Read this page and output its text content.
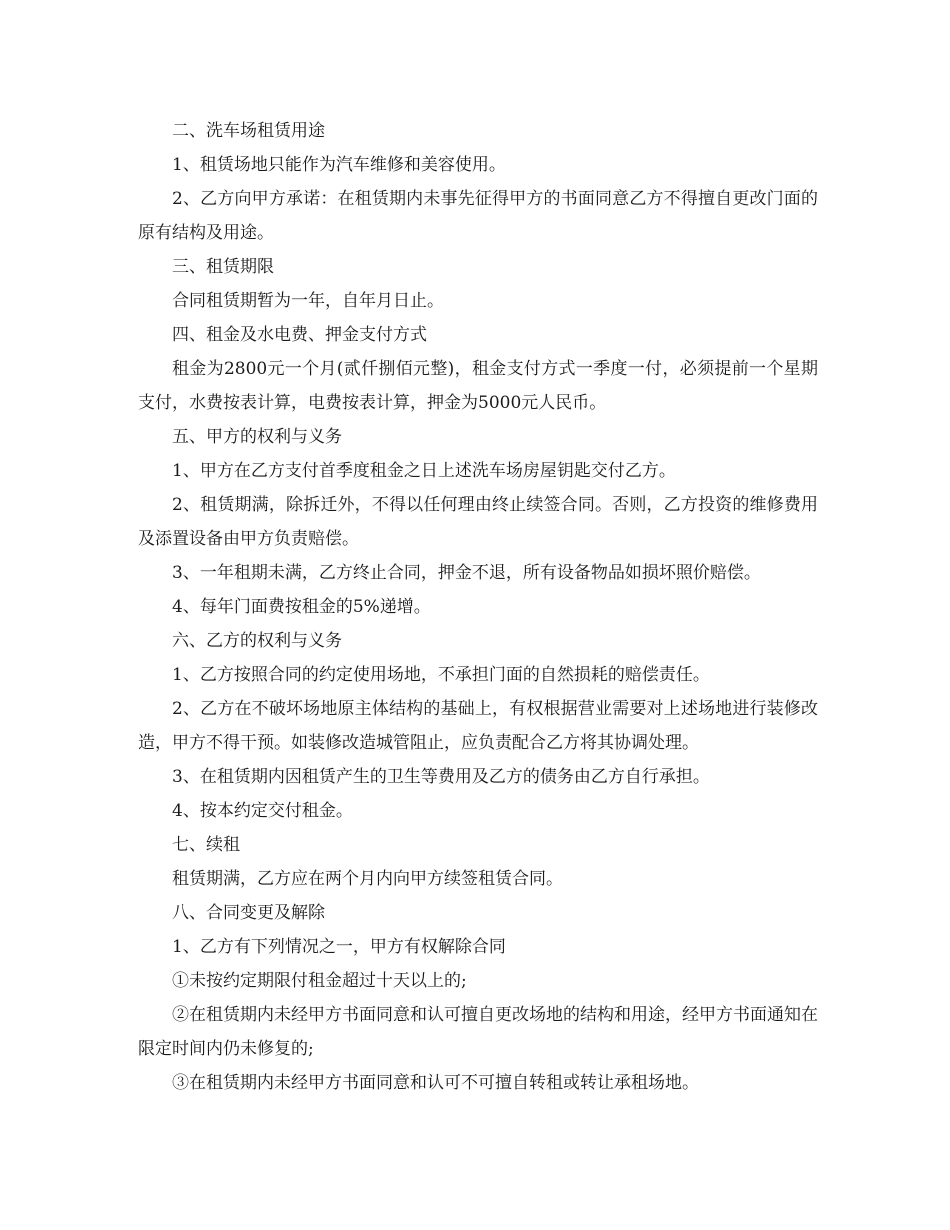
二、洗车场租赁用途

1、租赁场地只能作为汽车维修和美容使用。

2、乙方向甲方承诺：在租赁期内未事先征得甲方的书面同意乙方不得擅自更改门面的原有结构及用途。

三、租赁期限

合同租赁期暂为一年，自年月日止。

四、租金及水电费、押金支付方式

租金为2800元一个月(贰仟捌佰元整)，租金支付方式一季度一付，必须提前一个星期支付，水费按表计算，电费按表计算，押金为5000元人民币。

五、甲方的权利与义务

1、甲方在乙方支付首季度租金之日上述洗车场房屋钥匙交付乙方。

2、租赁期满，除拆迁外，不得以任何理由终止续签合同。否则，乙方投资的维修费用及添置设备由甲方负责赔偿。

3、一年租期未满，乙方终止合同，押金不退，所有设备物品如损坏照价赔偿。

4、每年门面费按租金的5%递增。

六、乙方的权利与义务

1、乙方按照合同的约定使用场地，不承担门面的自然损耗的赔偿责任。

2、乙方在不破坏场地原主体结构的基础上，有权根据营业需要对上述场地进行装修改造，甲方不得干预。如装修改造城管阻止，应负责配合乙方将其协调处理。

3、在租赁期内因租赁产生的卫生等费用及乙方的债务由乙方自行承担。

4、按本约定交付租金。

七、续租

租赁期满，乙方应在两个月内向甲方续签租赁合同。

八、合同变更及解除

1、乙方有下列情况之一，甲方有权解除合同

①未按约定期限付租金超过十天以上的;

②在租赁期内未经甲方书面同意和认可擅自更改场地的结构和用途，经甲方书面通知在限定时间内仍未修复的;

③在租赁期内未经甲方书面同意和认可不可擅自转租或转让承租场地。
